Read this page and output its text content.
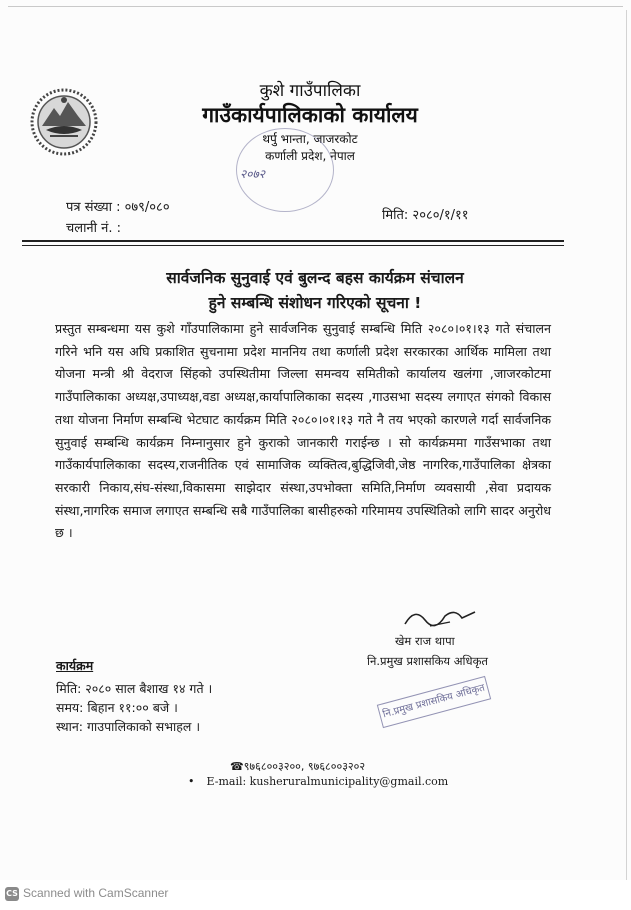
कुशे गाउँपालिका
गाउँकार्यपालिकाको कार्यालय
थर्पु भान्ता, जाजरकोट
कर्णाली प्रदेश, नेपाल
२०७२
पत्र संख्या : ०७९/०८०
चलानी नं. :
मिति: २०८०/१/११
सार्वजनिक सुनुवाई एवं बुलन्द बहस कार्यक्रम संचालन
हुने सम्बन्धि संशोधन गरिएको सूचना !
प्रस्तुत सम्बन्धमा यस कुशे गाँउपालिकामा हुने सार्वजनिक सुनुवाई सम्बन्धि मिति २०८०।०१।१३ गते संचालन गरिने भनि यस अघि प्रकाशित सुचनामा प्रदेश माननिय तथा कर्णाली प्रदेश सरकारका आर्थिक मामिला तथा योजना मन्त्री श्री वेदराज सिंहको उपस्थितीमा जिल्ला समन्वय समितीको कार्यालय खलंगा ,जाजरकोटमा गाउँपालिकाका अध्यक्ष,उपाध्यक्ष,वडा अध्यक्ष,कार्यापालिकाका सदस्य ,गाउसभा सदस्य लगाएत संगको विकास तथा योजना निर्माण सम्बन्धि भेटघाट कार्यक्रम मिति २०८०।०१।१३ गते नै तय भएको कारणले गर्दा सार्वजनिक सुनुवाई सम्बन्धि कार्यक्रम निम्नानुसार हुने कुराको जानकारी गराईन्छ । सो कार्यक्रममा गाउँसभाका तथा गाउँकार्यपालिकाका सदस्य,राजनीतिक एवं सामाजिक व्यक्तित्व,बुद्धिजिवी,जेष्ठ नागरिक,गाउँपालिका क्षेत्रका सरकारी निकाय,संघ-संस्था,विकासमा साझेदार संस्था,उपभोक्ता समिति,निर्माण व्यवसायी ,सेवा प्रदायक संस्था,नागरिक समाज लगाएत सम्बन्धि सबै गाउँपालिका बासीहरुको गरिमामय उपस्थितिको लागि सादर अनुरोध छ ।
खेम राज थापा
नि.प्रमुख प्रशासकिय अधिकृत
नि.प्रमुख प्रशासकिय अधिकृत
कार्यक्रम
मिति: २०८० साल बैशाख १४ गते ।
समय: बिहान ११:०० बजे ।
स्थान: गाउपालिकाको सभाहल ।
☎९७६८००३२००, ९७६८००३२०२
• E-mail: kusheruralmunicipality@gmail.com
CS Scanned with CamScanner
